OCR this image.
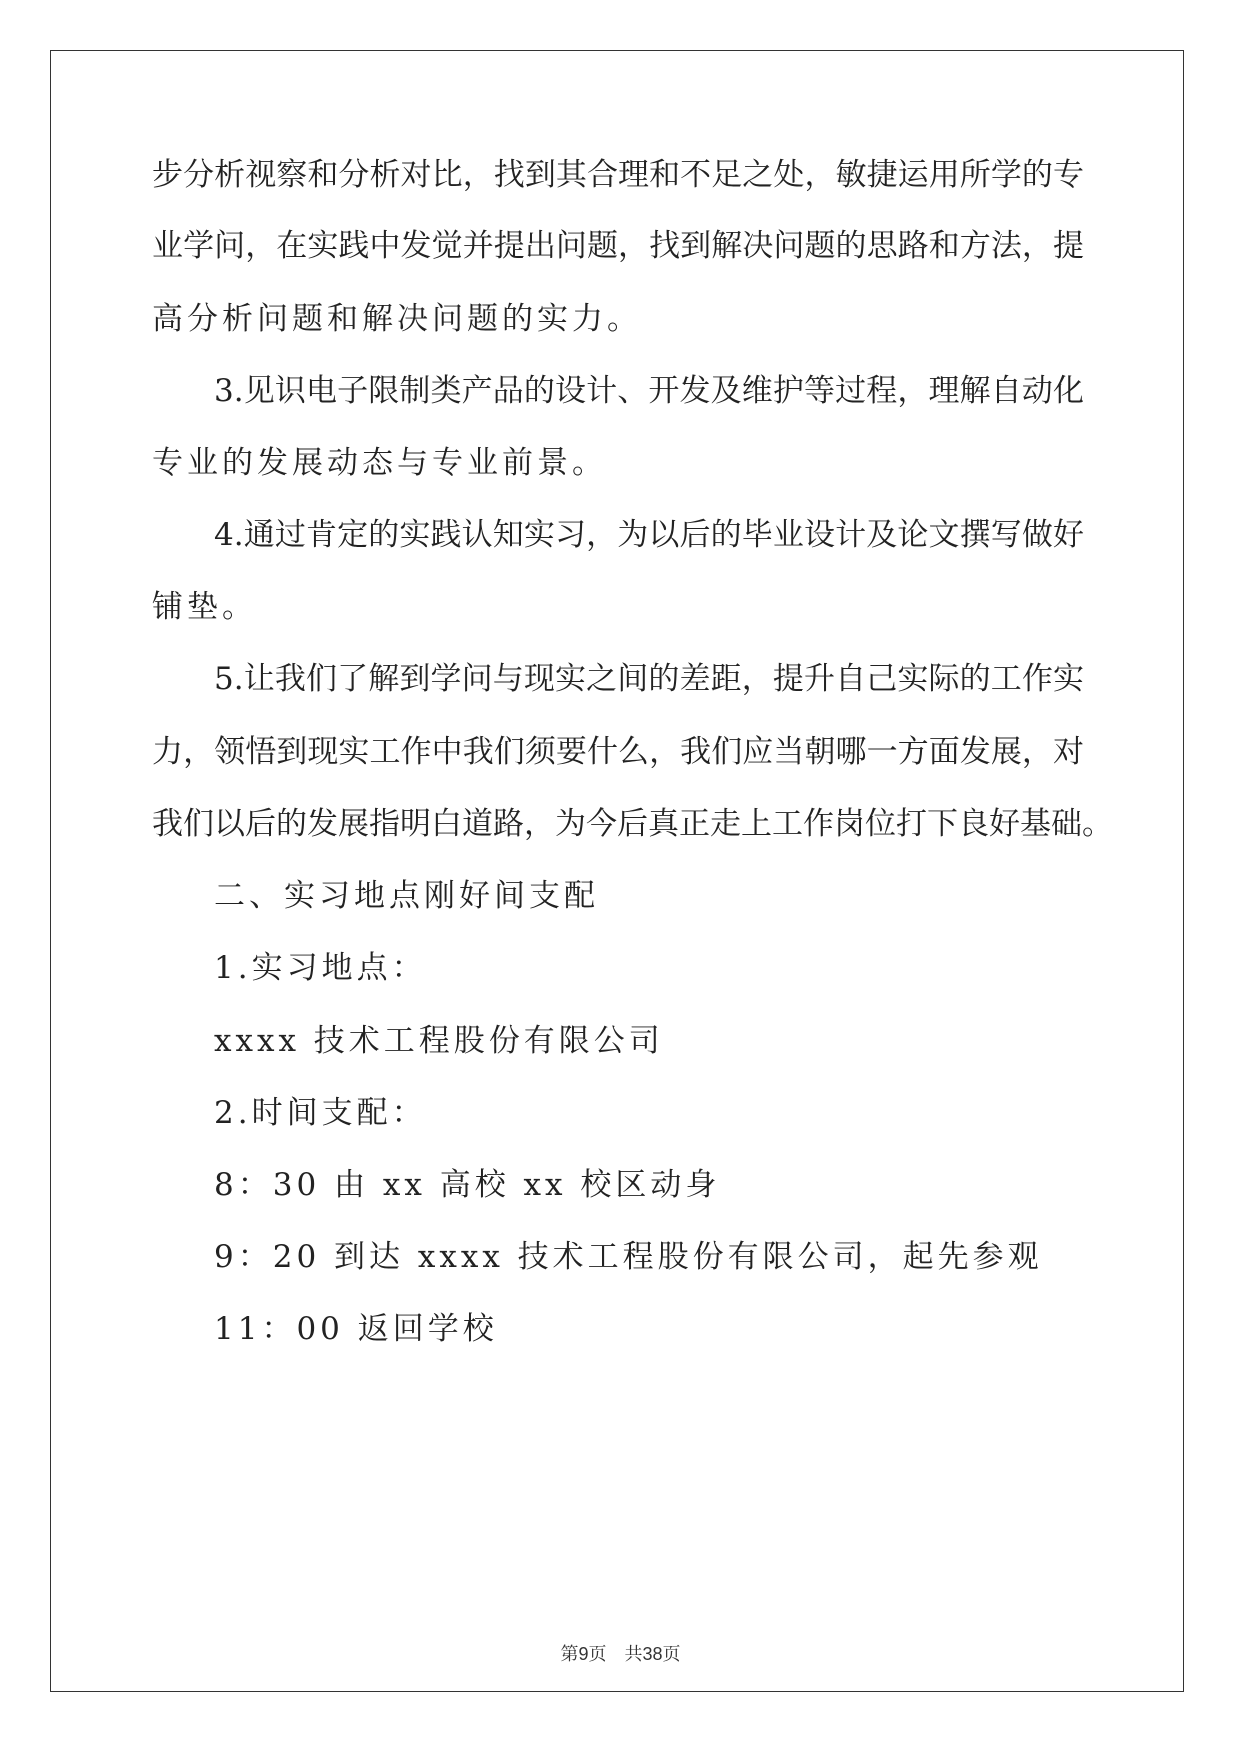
步分析视察和分析对比，找到其合理和不足之处，敏捷运用所学的专
业学问，在实践中发觉并提出问题，找到解决问题的思路和方法，提
高分析问题和解决问题的实力。
3.见识电子限制类产品的设计、开发及维护等过程，理解自动化
专业的发展动态与专业前景。
4.通过肯定的实践认知实习，为以后的毕业设计及论文撰写做好
铺垫。
5.让我们了解到学问与现实之间的差距，提升自己实际的工作实
力，领悟到现实工作中我们须要什么，我们应当朝哪一方面发展，对
我们以后的发展指明白道路，为今后真正走上工作岗位打下良好基础。
二、实习地点刚好间支配
1.实习地点：
xxxx 技术工程股份有限公司
2.时间支配：
8：30 由 xx 高校 xx 校区动身
9：20 到达 xxxx 技术工程股份有限公司，起先参观
11：00 返回学校
第9页　共38页
